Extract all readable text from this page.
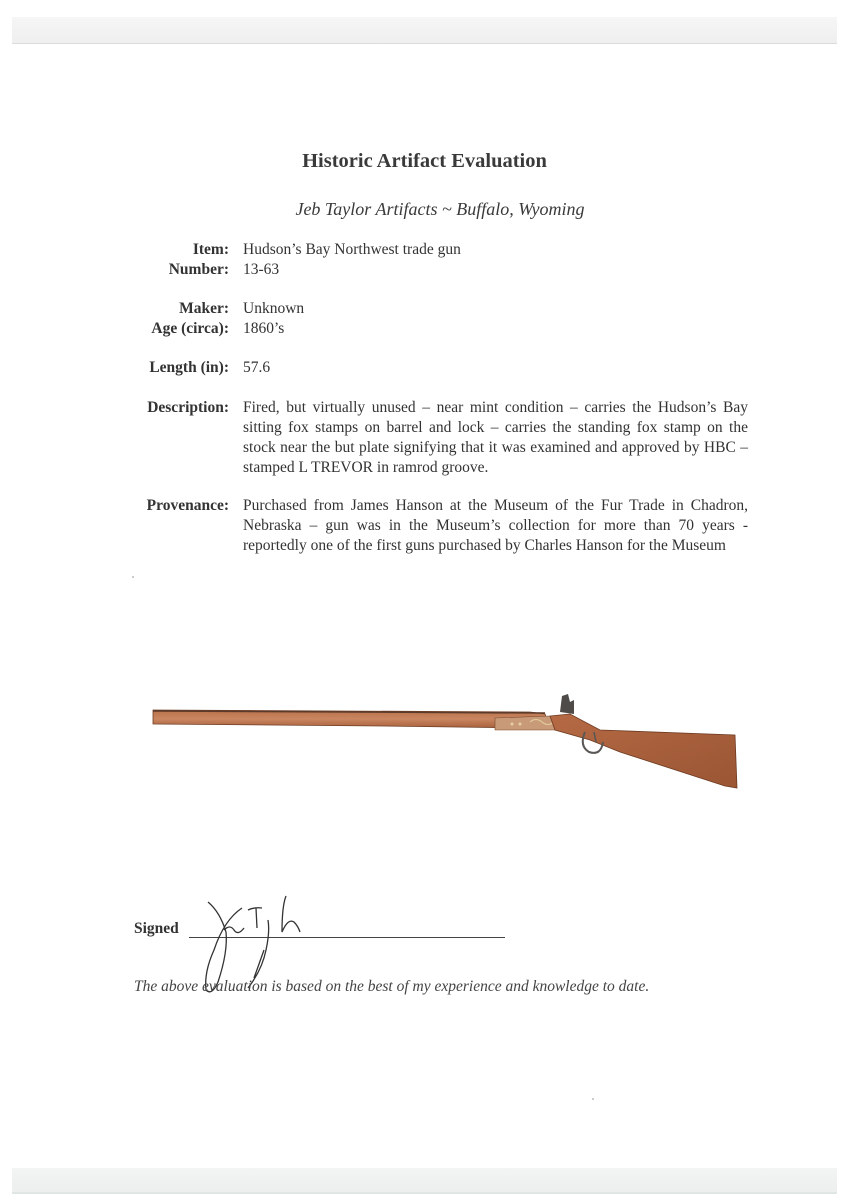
Historic Artifact Evaluation
Jeb Taylor Artifacts ~ Buffalo, Wyoming
Item: Hudson’s Bay Northwest trade gun
Number: 13-63
Maker: Unknown
Age (circa): 1860’s
Length (in): 57.6
Description: Fired, but virtually unused – near mint condition – carries the Hudson’s Bay sitting fox stamps on barrel and lock – carries the standing fox stamp on the stock near the but plate signifying that it was examined and approved by HBC – stamped L TREVOR in ramrod groove.
Provenance: Purchased from James Hanson at the Museum of the Fur Trade in Chadron, Nebraska – gun was in the Museum’s collection for more than 70 years - reportedly one of the first guns purchased by Charles Hanson for the Museum
Signed
The above evaluation is based on the best of my experience and knowledge to date.
